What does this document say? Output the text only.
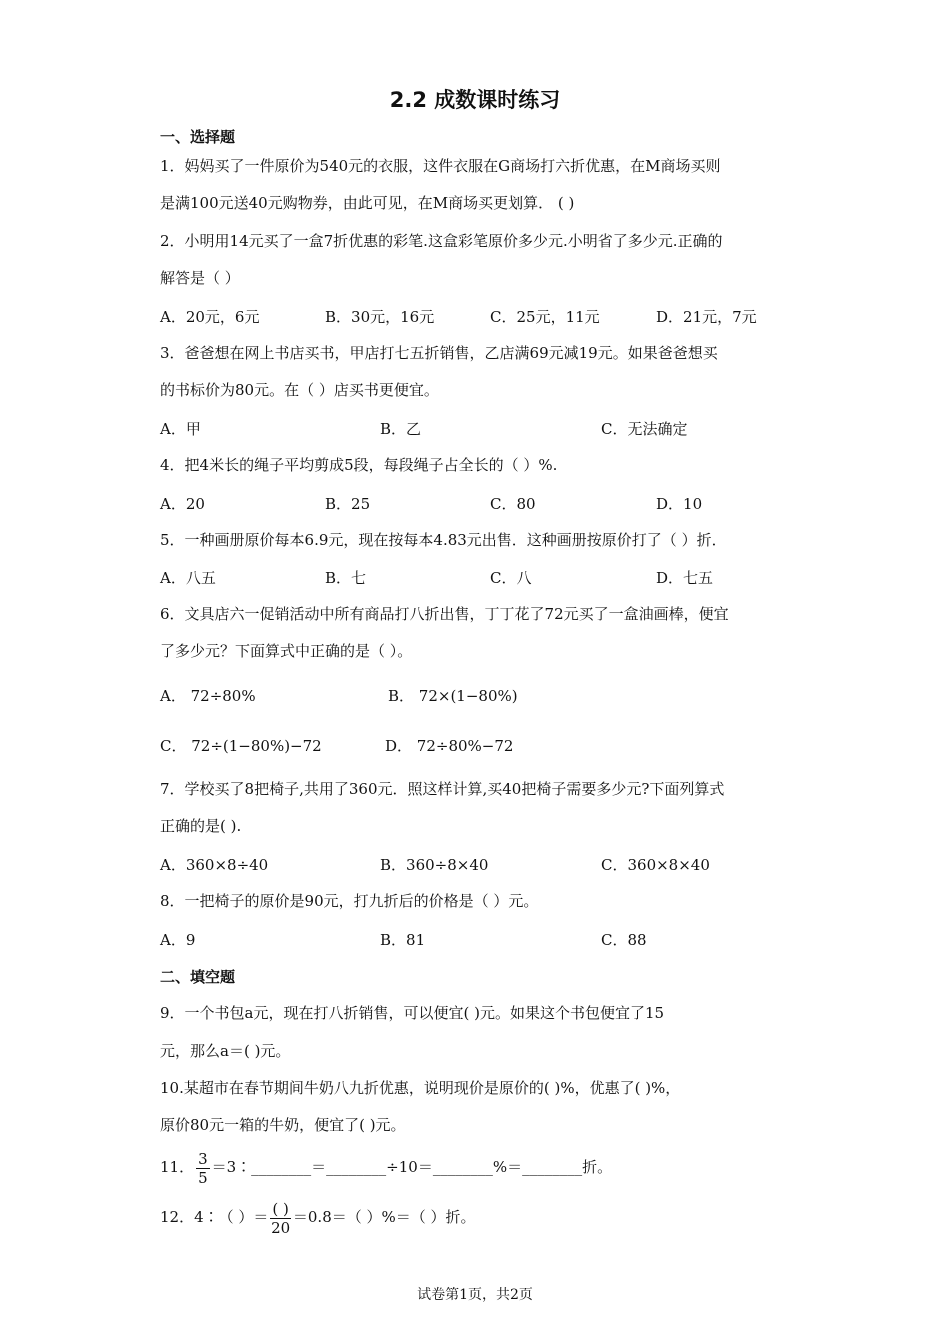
2.2 成数课时练习
一、选择题
1．妈妈买了一件原价为540元的衣服，这件衣服在G商场打六折优惠，在M商场买则
是满100元送40元购物券，由此可见，在M商场买更划算． ( )
2．小明用14元买了一盒7折优惠的彩笔.这盒彩笔原价多少元.小明省了多少元.正确的
解答是（ ）
A．20元，6元	B．30元，16元	C．25元，11元	D．21元，7元
3．爸爸想在网上书店买书，甲店打七五折销售，乙店满69元减19元。如果爸爸想买
的书标价为80元。在（ ）店买书更便宜。
A．甲	B．乙	C．无法确定
4．把4米长的绳子平均剪成5段，每段绳子占全长的（ ）%.
A．20	B．25	C．80	D．10
5．一种画册原价每本6.9元，现在按每本4.83元出售．这种画册按原价打了（ ）折．
A．八五	B．七	C．八	D．七五
6．文具店六一促销活动中所有商品打八折出售，丁丁花了72元买了一盒油画棒，便宜
了多少元？下面算式中正确的是（ ）。
A． 72÷80%	B． 72×(1−80%)
C． 72÷(1−80%)−72	D． 72÷80%−72
7．学校买了8把椅子,共用了360元．照这样计算,买40把椅子需要多少元?下面列算式
正确的是( ).
A．360×8÷40	B．360÷8×40	C．360×8×40
8．一把椅子的原价是90元，打九折后的价格是（ ）元。
A．9	B．81	C．88
二、填空题
9．一个书包a元，现在打八折销售，可以便宜( )元。如果这个书包便宜了15
元，那么a＝( )元。
10.某超市在春节期间牛奶八九折优惠，说明现价是原价的( )%，优惠了( )%，
原价80元一箱的牛奶，便宜了( )元。
11． $\frac{3}{5}$ ＝3∶________＝________÷10＝________%＝________折。
12．4∶（ ）＝ $\frac{( )}{20} =0.8=$（ ）%＝（ ）折。
试卷第1页，共2页
